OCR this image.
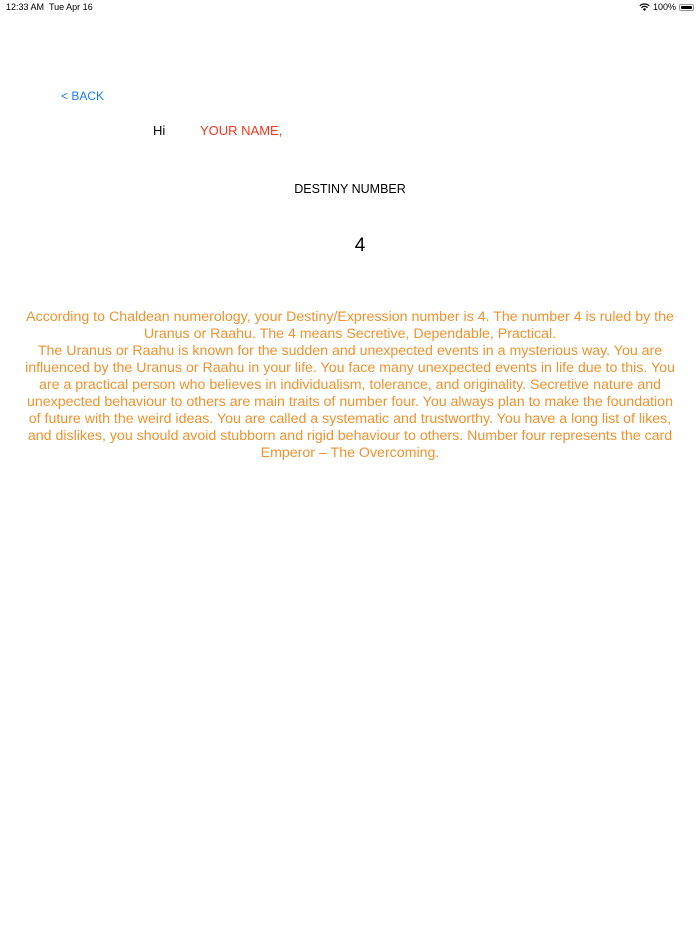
12:33 AM Tue Apr 16	100%
< BACK
Hi	YOUR NAME,
DESTINY NUMBER
4
According to Chaldean numerology, your Destiny/Expression number is 4. The number 4 is ruled by the
Uranus or Raahu. The 4 means Secretive, Dependable, Practical.
The Uranus or Raahu is known for the sudden and unexpected events in a mysterious way. You are
influenced by the Uranus or Raahu in your life. You face many unexpected events in life due to this. You
are a practical person who believes in individualism, tolerance, and originality. Secretive nature and
unexpected behaviour to others are main traits of number four. You always plan to make the foundation
of future with the weird ideas. You are called a systematic and trustworthy. You have a long list of likes,
and dislikes, you should avoid stubborn and rigid behaviour to others. Number four represents the card
Emperor – The Overcoming.
